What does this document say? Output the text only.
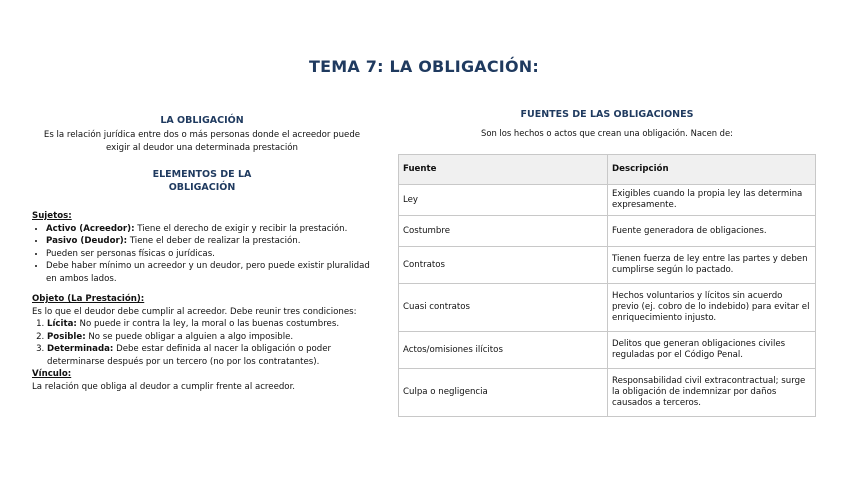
TEMA 7: LA OBLIGACIÓN:
LA OBLIGACIÓN
Es la relación jurídica entre dos o más personas donde el acreedor puede exigir al deudor una determinada prestación
ELEMENTOS DE LA
OBLIGACIÓN
Sujetos:
• Activo (Acreedor): Tiene el derecho de exigir y recibir la prestación.
• Pasivo (Deudor): Tiene el deber de realizar la prestación.
• Pueden ser personas físicas o jurídicas.
• Debe haber mínimo un acreedor y un deudor, pero puede existir pluralidad en ambos lados.
Objeto (La Prestación):
Es lo que el deudor debe cumplir al acreedor. Debe reunir tres condiciones:
1. Lícita: No puede ir contra la ley, la moral o las buenas costumbres.
2. Posible: No se puede obligar a alguien a algo imposible.
3. Determinada: Debe estar definida al nacer la obligación o poder determinarse después por un tercero (no por los contratantes).
Vínculo:
La relación que obliga al deudor a cumplir frente al acreedor.
FUENTES DE LAS OBLIGACIONES
Son los hechos o actos que crean una obligación. Nacen de:
Fuente	Descripción
Ley	Exigibles cuando la propia ley las determina expresamente.
Costumbre	Fuente generadora de obligaciones.
Contratos	Tienen fuerza de ley entre las partes y deben cumplirse según lo pactado.
Cuasi contratos	Hechos voluntarios y lícitos sin acuerdo previo (ej. cobro de lo indebido) para evitar el enriquecimiento injusto.
Actos/omisiones ilícitos	Delitos que generan obligaciones civiles reguladas por el Código Penal.
Culpa o negligencia	Responsabilidad civil extracontractual; surge la obligación de indemnizar por daños causados a terceros.
